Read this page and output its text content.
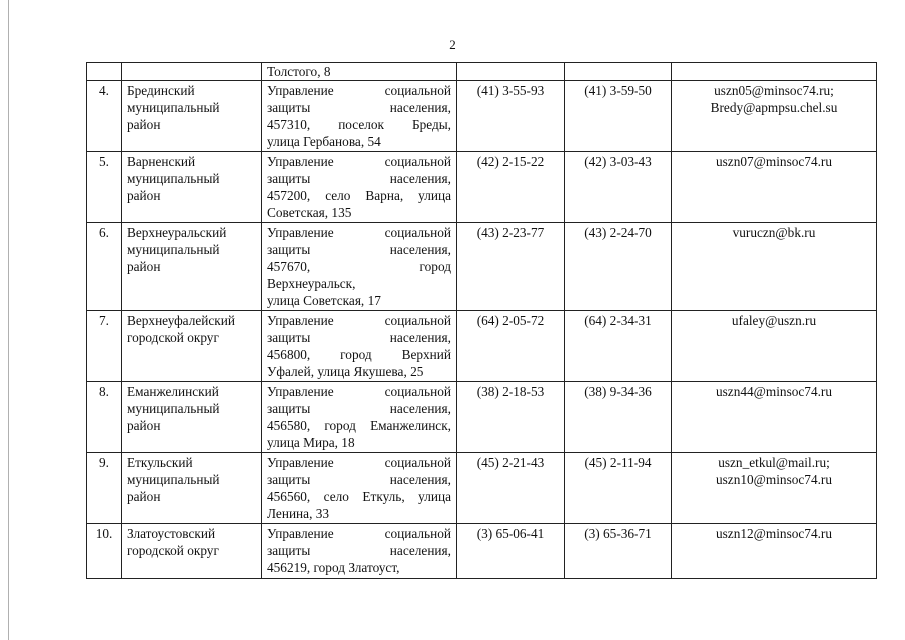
2

		Толстого, 8			

4.	Брединский
муниципальный
район	Управление социальной
защиты населения,
457310, поселок Бреды,
улица Гербанова, 54	(41) 3-55-93	(41) 3-59-50	uszn05@minsoc74.ru;
Bredy@apmpsu.chel.su

5.	Варненский
муниципальный
район	Управление социальной
защиты населения,
457200, село Варна, улица
Советская, 135	(42) 2-15-22	(42) 3-03-43	uszn07@minsoc74.ru

6.	Верхнеуральский
муниципальный
район	Управление социальной
защиты населения,
457670, город
Верхнеуральск,
улица Советская, 17	(43) 2-23-77	(43) 2-24-70	vuruczn@bk.ru

7.	Верхнеуфалейский
городской округ	Управление социальной
защиты населения,
456800, город Верхний
Уфалей, улица Якушева, 25	(64) 2-05-72	(64) 2-34-31	ufaley@uszn.ru

8.	Еманжелинский
муниципальный
район	Управление социальной
защиты населения,
456580, город Еманжелинск,
улица Мира, 18	(38) 2-18-53	(38) 9-34-36	uszn44@minsoc74.ru

9.	Еткульский
муниципальный
район	Управление социальной
защиты населения,
456560, село Еткуль, улица
Ленина, 33	(45) 2-21-43	(45) 2-11-94	uszn_etkul@mail.ru;
uszn10@minsoc74.ru

10.	Златоустовский
городской округ	Управление социальной
защиты населения,
456219, город Златоуст,	(3) 65-06-41	(3) 65-36-71	uszn12@minsoc74.ru
